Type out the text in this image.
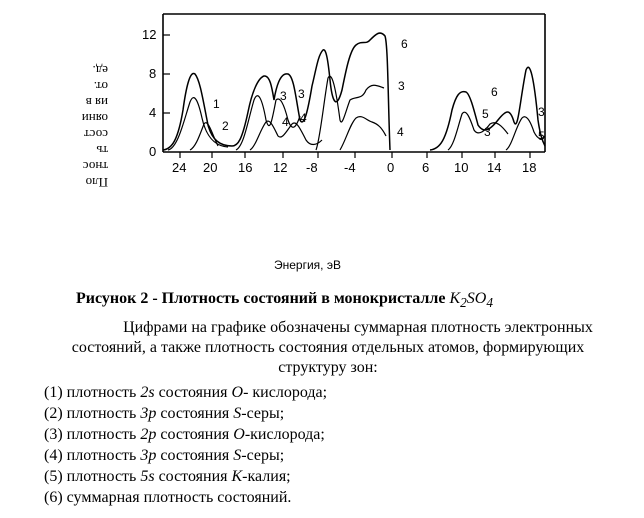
12
8
4
0
24 20 16 12 -8 -4 0 6 10 14 18
1
2
3
4
3
4
6
3
4
6
5
3
3
5
Пло
тнос
ть
сост
ояни
ия в
от.
ед.
Энергия, эВ
Рисунок 2 - Плотность состояний в монокристалле $K_2SO_4$
Цифрами на графике обозначены суммарная плотность электронных состояний, а также плотность состояния отдельных атомов, формирующих структуру зон:
(1) плотность 2s состояния O- кислорода;
(2) плотность 3p состояния S-серы;
(3) плотность 2p состояния O-кислорода;
(4) плотность 3p состояния S-серы;
(5) плотность 5s состояния K-калия;
(6) суммарная плотность состояний.
